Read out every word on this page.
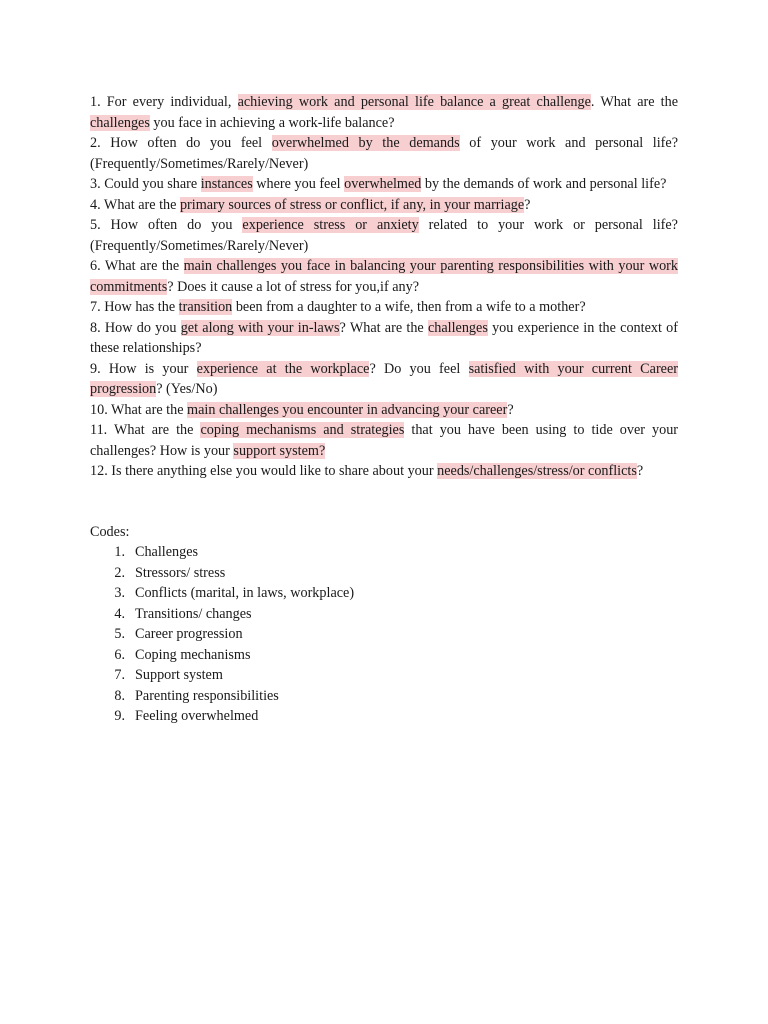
1. For every individual, achieving work and personal life balance a great challenge. What are the challenges you face in achieving a work-life balance?
2. How often do you feel overwhelmed by the demands of your work and personal life? (Frequently/Sometimes/Rarely/Never)
3. Could you share instances where you feel overwhelmed by the demands of work and personal life?
4. What are the primary sources of stress or conflict, if any, in your marriage?
5. How often do you experience stress or anxiety related to your work or personal life? (Frequently/Sometimes/Rarely/Never)
6. What are the main challenges you face in balancing your parenting responsibilities with your work commitments? Does it cause a lot of stress for you,if any?
7. How has the transition been from a daughter to a wife, then from a wife to a mother?
8. How do you get along with your in-laws? What are the challenges you experience in the context of these relationships?
9. How is your experience at the workplace? Do you feel satisfied with your current Career progression? (Yes/No)
10. What are the main challenges you encounter in advancing your career?
11. What are the coping mechanisms and strategies that you have been using to tide over your challenges? How is your support system?
12. Is there anything else you would like to share about your needs/challenges/stress/or conflicts?
Codes:
1. Challenges
2. Stressors/ stress
3. Conflicts (marital, in laws, workplace)
4. Transitions/ changes
5. Career progression
6. Coping mechanisms
7. Support system
8. Parenting responsibilities
9. Feeling overwhelmed
